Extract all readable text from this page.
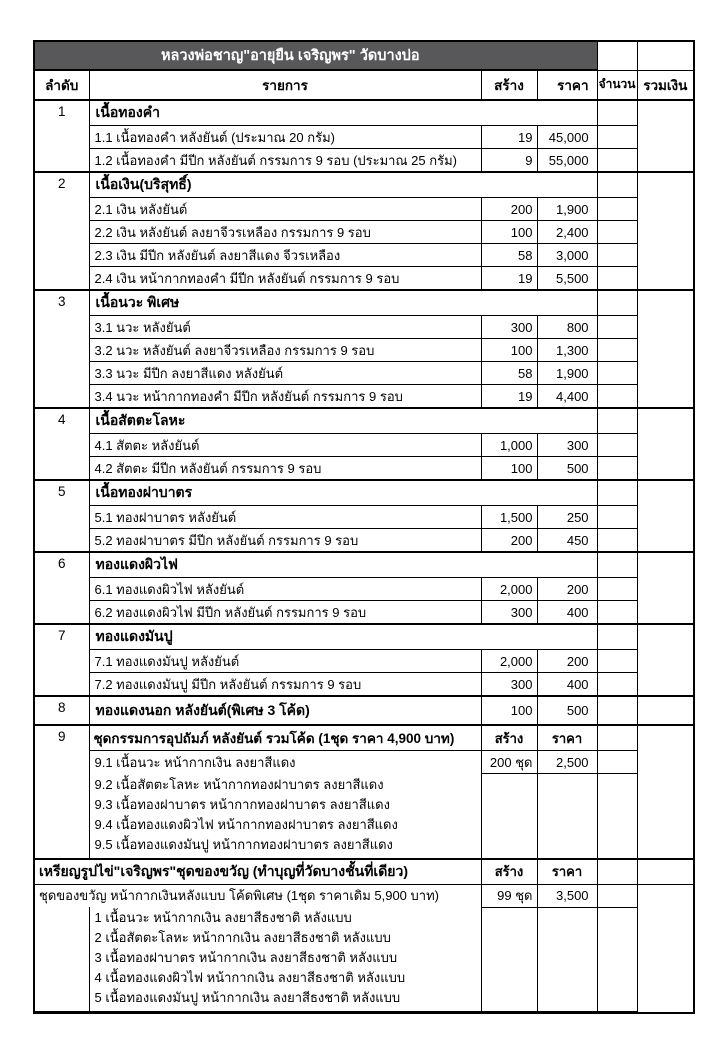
หลวงพ่อชาญ"อายุยืน เจริญพร" วัดบางบ่อ					
ลำดับ	รายการ	สร้าง	ราคา	จำนวน	รวมเงิน
1	เนื้อทองคำ				
	1.1 เนื้อทองคำ หลังยันต์ (ประมาณ 20 กรัม)	19	45,000		
	1.2 เนื้อทองคำ มีปีก หลังยันต์ กรรมการ 9 รอบ (ประมาณ 25 กรัม)	9	55,000		
2	เนื้อเงิน(บริสุทธิ์)				
	2.1 เงิน หลังยันต์	200	1,900		
	2.2 เงิน หลังยันต์ ลงยาจีวรเหลือง กรรมการ 9 รอบ	100	2,400		
	2.3 เงิน มีปีก หลังยันต์ ลงยาสีแดง จีวรเหลือง	58	3,000		
	2.4 เงิน หน้ากากทองคำ มีปีก หลังยันต์ กรรมการ 9 รอบ	19	5,500		
3	เนื้อนวะ พิเศษ				
	3.1 นวะ หลังยันต์	300	800		
	3.2 นวะ หลังยันต์ ลงยาจีวรเหลือง กรรมการ 9 รอบ	100	1,300		
	3.3 นวะ มีปีก ลงยาสีแดง หลังยันต์	58	1,900		
	3.4 นวะ หน้ากากทองคำ มีปีก หลังยันต์ กรรมการ 9 รอบ	19	4,400		
4	เนื้อสัตตะโลหะ				
	4.1 สัตตะ หลังยันต์	1,000	300		
	4.2 สัตตะ มีปีก หลังยันต์ กรรมการ 9 รอบ	100	500		
5	เนื้อทองฝาบาตร				
	5.1 ทองฝาบาตร หลังยันต์	1,500	250		
	5.2 ทองฝาบาตร มีปีก หลังยันต์ กรรมการ 9 รอบ	200	450		
6	ทองแดงผิวไฟ				
	6.1 ทองแดงผิวไฟ หลังยันต์	2,000	200		
	6.2 ทองแดงผิวไฟ มีปีก หลังยันต์ กรรมการ 9 รอบ	300	400		
7	ทองแดงมันปู				
	7.1 ทองแดงมันปู หลังยันต์	2,000	200		
	7.2 ทองแดงมันปู มีปีก หลังยันต์ กรรมการ 9 รอบ	300	400		
8	ทองแดงนอก หลังยันต์(พิเศษ 3 โค้ด)	100	500		
9	ชุดกรรมการอุปถัมภ์ หลังยันต์ รวมโค้ด (1ชุด ราคา 4,900 บาท)	สร้าง	ราคา		
	9.1 เนื้อนวะ หน้ากากเงิน ลงยาสีแดง	200 ชุด	2,500		

	9.2 เนื้อสัตตะโลหะ หน้ากากทองฝาบาตร ลงยาสีแดง
9.3 เนื้อทองฝาบาตร หน้ากากทองฝาบาตร ลงยาสีแดง
9.4 เนื้อทองแดงผิวไฟ หน้ากากทองฝาบาตร ลงยาสีแดง
9.5 เนื้อทองแดงมันปู หน้ากากทองฝาบาตร ลงยาสีแดง				

เหรียญรูปไข่"เจริญพร"ชุดของขวัญ (ทำบุญที่วัดบางชั้นที่เดียว)		สร้าง	ราคา		
ชุดของขวัญ หน้ากากเงินหลังแบบ โค้ดพิเศษ (1ชุด ราคาเดิม 5,900 บาท)		99 ชุด	3,500		

	1 เนื้อนวะ หน้ากากเงิน ลงยาสีธงชาติ หลังแบบ
2 เนื้อสัตตะโลหะ หน้ากากเงิน ลงยาสีธงชาติ หลังแบบ
3 เนื้อทองฝาบาตร หน้ากากเงิน ลงยาสีธงชาติ หลังแบบ
4 เนื้อทองแดงผิวไฟ หน้ากากเงิน ลงยาสีธงชาติ หลังแบบ
5 เนื้อทองแดงมันปู หน้ากากเงิน ลงยาสีธงชาติ หลังแบบ				
